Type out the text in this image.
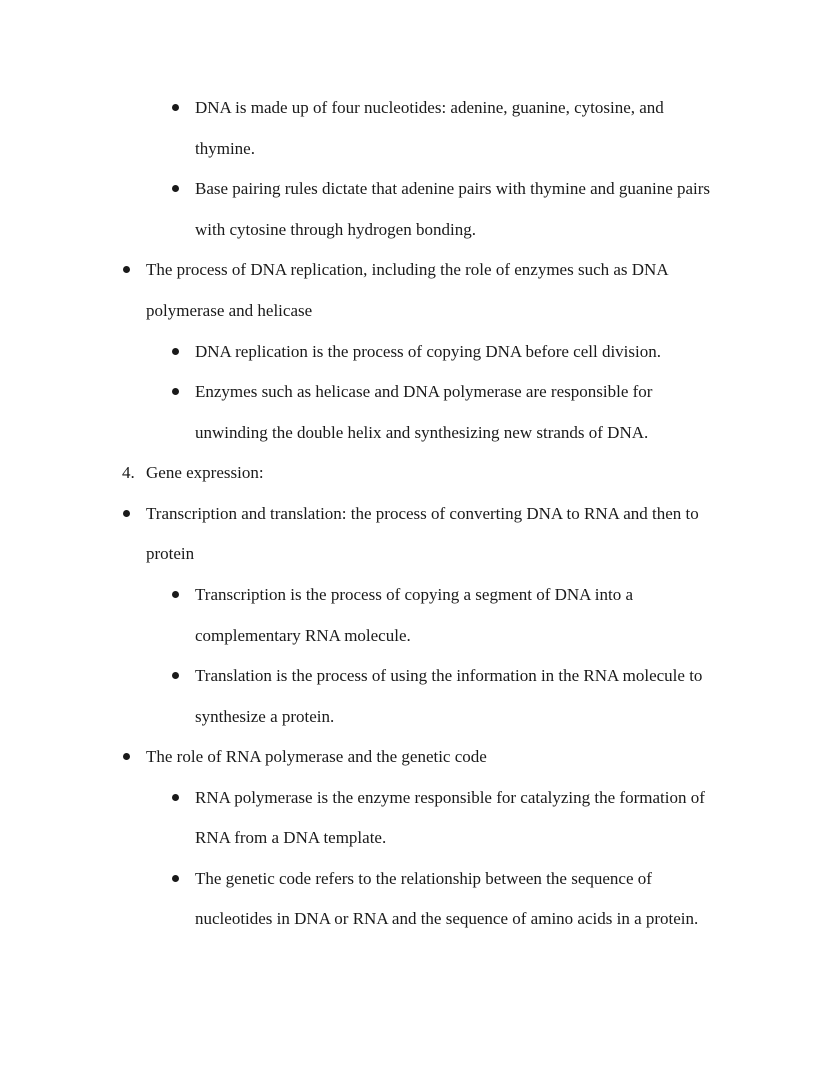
DNA is made up of four nucleotides: adenine, guanine, cytosine, and
thymine.
Base pairing rules dictate that adenine pairs with thymine and guanine pairs
with cytosine through hydrogen bonding.
The process of DNA replication, including the role of enzymes such as DNA
polymerase and helicase
DNA replication is the process of copying DNA before cell division.
Enzymes such as helicase and DNA polymerase are responsible for
unwinding the double helix and synthesizing new strands of DNA.
4. Gene expression:
Transcription and translation: the process of converting DNA to RNA and then to
protein
Transcription is the process of copying a segment of DNA into a
complementary RNA molecule.
Translation is the process of using the information in the RNA molecule to
synthesize a protein.
The role of RNA polymerase and the genetic code
RNA polymerase is the enzyme responsible for catalyzing the formation of
RNA from a DNA template.
The genetic code refers to the relationship between the sequence of
nucleotides in DNA or RNA and the sequence of amino acids in a protein.
